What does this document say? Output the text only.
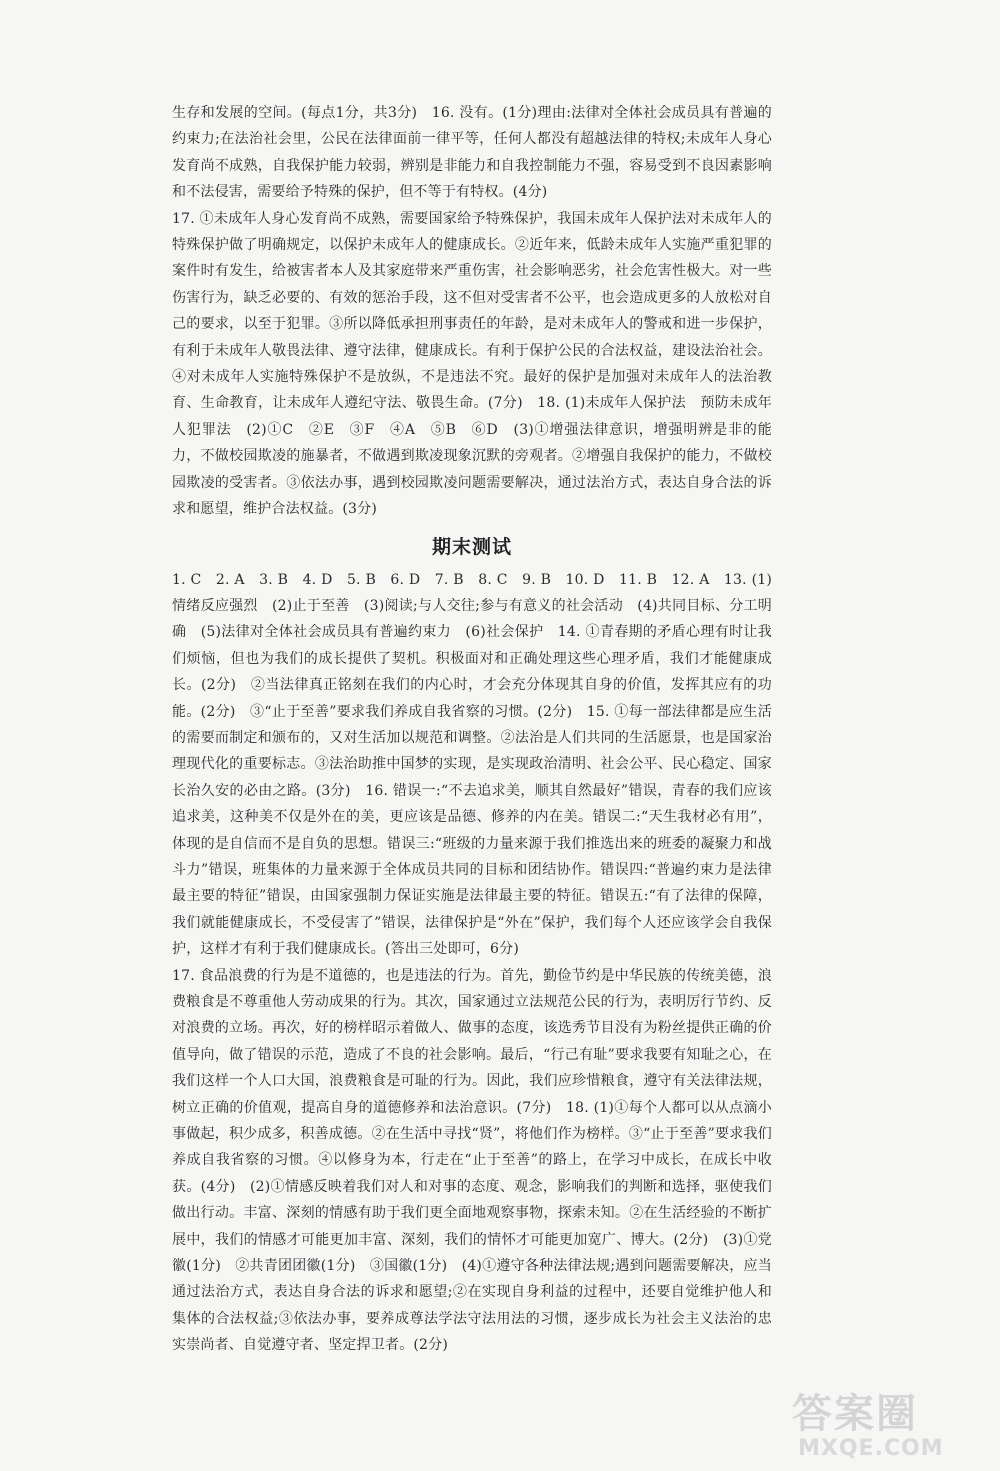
生存和发展的空间。(每点1分，共3分)　16. 没有。(1分)理由:法律对全体社会成员具有普遍的约束力;在法治社会里，公民在法律面前一律平等，任何人都没有超越法律的特权;未成年人身心发育尚不成熟，自我保护能力较弱，辨别是非能力和自我控制能力不强，容易受到不良因素影响和不法侵害，需要给予特殊的保护，但不等于有特权。(4分)

17. ①未成年人身心发育尚不成熟，需要国家给予特殊保护，我国未成年人保护法对未成年人的特殊保护做了明确规定，以保护未成年人的健康成长。②近年来，低龄未成年人实施严重犯罪的案件时有发生，给被害者本人及其家庭带来严重伤害，社会影响恶劣，社会危害性极大。对一些伤害行为，缺乏必要的、有效的惩治手段，这不但对受害者不公平，也会造成更多的人放松对自己的要求，以至于犯罪。③所以降低承担刑事责任的年龄，是对未成年人的警戒和进一步保护，有利于未成年人敬畏法律、遵守法律，健康成长。有利于保护公民的合法权益，建设法治社会。④对未成年人实施特殊保护不是放纵，不是违法不究。最好的保护是加强对未成年人的法治教育、生命教育，让未成年人遵纪守法、敬畏生命。(7分)　18. (1)未成年人保护法　预防未成年人犯罪法　(2)①C　②E　③F　④A　⑤B　⑥D　(3)①增强法律意识，增强明辨是非的能力，不做校园欺凌的施暴者，不做遇到欺凌现象沉默的旁观者。②增强自我保护的能力，不做校园欺凌的受害者。③依法办事，遇到校园欺凌问题需要解决，通过法治方式，表达自身合法的诉求和愿望，维护合法权益。(3分)

期末测试

1. C　2. A　3. B　4. D　5. B　6. D　7. B　8. C　9. B　10. D　11. B　12. A　13. (1)情绪反应强烈　(2)止于至善　(3)阅读;与人交往;参与有意义的社会活动　(4)共同目标、分工明确　(5)法律对全体社会成员具有普遍约束力　(6)社会保护　14. ①青春期的矛盾心理有时让我们烦恼，但也为我们的成长提供了契机。积极面对和正确处理这些心理矛盾，我们才能健康成长。(2分)　②当法律真正铭刻在我们的内心时，才会充分体现其自身的价值，发挥其应有的功能。(2分)　③“止于至善”要求我们养成自我省察的习惯。(2分)　15. ①每一部法律都是应生活的需要而制定和颁布的，又对生活加以规范和调整。②法治是人们共同的生活愿景，也是国家治理现代化的重要标志。③法治助推中国梦的实现，是实现政治清明、社会公平、民心稳定、国家长治久安的必由之路。(3分)　16. 错误一:“不去追求美，顺其自然最好”错误，青春的我们应该追求美，这种美不仅是外在的美，更应该是品德、修养的内在美。错误二:“天生我材必有用”，体现的是自信而不是自负的思想。错误三:“班级的力量来源于我们推选出来的班委的凝聚力和战斗力”错误，班集体的力量来源于全体成员共同的目标和团结协作。错误四:“普遍约束力是法律最主要的特征”错误，由国家强制力保证实施是法律最主要的特征。错误五:“有了法律的保障，我们就能健康成长，不受侵害了”错误，法律保护是“外在”保护，我们每个人还应该学会自我保护，这样才有利于我们健康成长。(答出三处即可，6分)

17. 食品浪费的行为是不道德的，也是违法的行为。首先，勤俭节约是中华民族的传统美德，浪费粮食是不尊重他人劳动成果的行为。其次，国家通过立法规范公民的行为，表明厉行节约、反对浪费的立场。再次，好的榜样昭示着做人、做事的态度，该选秀节目没有为粉丝提供正确的价值导向，做了错误的示范，造成了不良的社会影响。最后，“行己有耻”要求我要有知耻之心，在我们这样一个人口大国，浪费粮食是可耻的行为。因此，我们应珍惜粮食，遵守有关法律法规，树立正确的价值观，提高自身的道德修养和法治意识。(7分)　18. (1)①每个人都可以从点滴小事做起，积少成多，积善成德。②在生活中寻找“贤”，将他们作为榜样。③“止于至善”要求我们养成自我省察的习惯。④以修身为本，行走在“止于至善”的路上，在学习中成长，在成长中收获。(4分)　(2)①情感反映着我们对人和对事的态度、观念，影响我们的判断和选择，驱使我们做出行动。丰富、深刻的情感有助于我们更全面地观察事物，探索未知。②在生活经验的不断扩展中，我们的情感才可能更加丰富、深刻，我们的情怀才可能更加宽广、博大。(2分)　(3)①党徽(1分)　②共青团团徽(1分)　③国徽(1分)　(4)①遵守各种法律法规;遇到问题需要解决，应当通过法治方式，表达自身合法的诉求和愿望;②在实现自身利益的过程中，还要自觉维护他人和集体的合法权益;③依法办事，要养成尊法学法守法用法的习惯，逐步成长为社会主义法治的忠实崇尚者、自觉遵守者、坚定捍卫者。(2分)

答案圈
MXQE.COM
